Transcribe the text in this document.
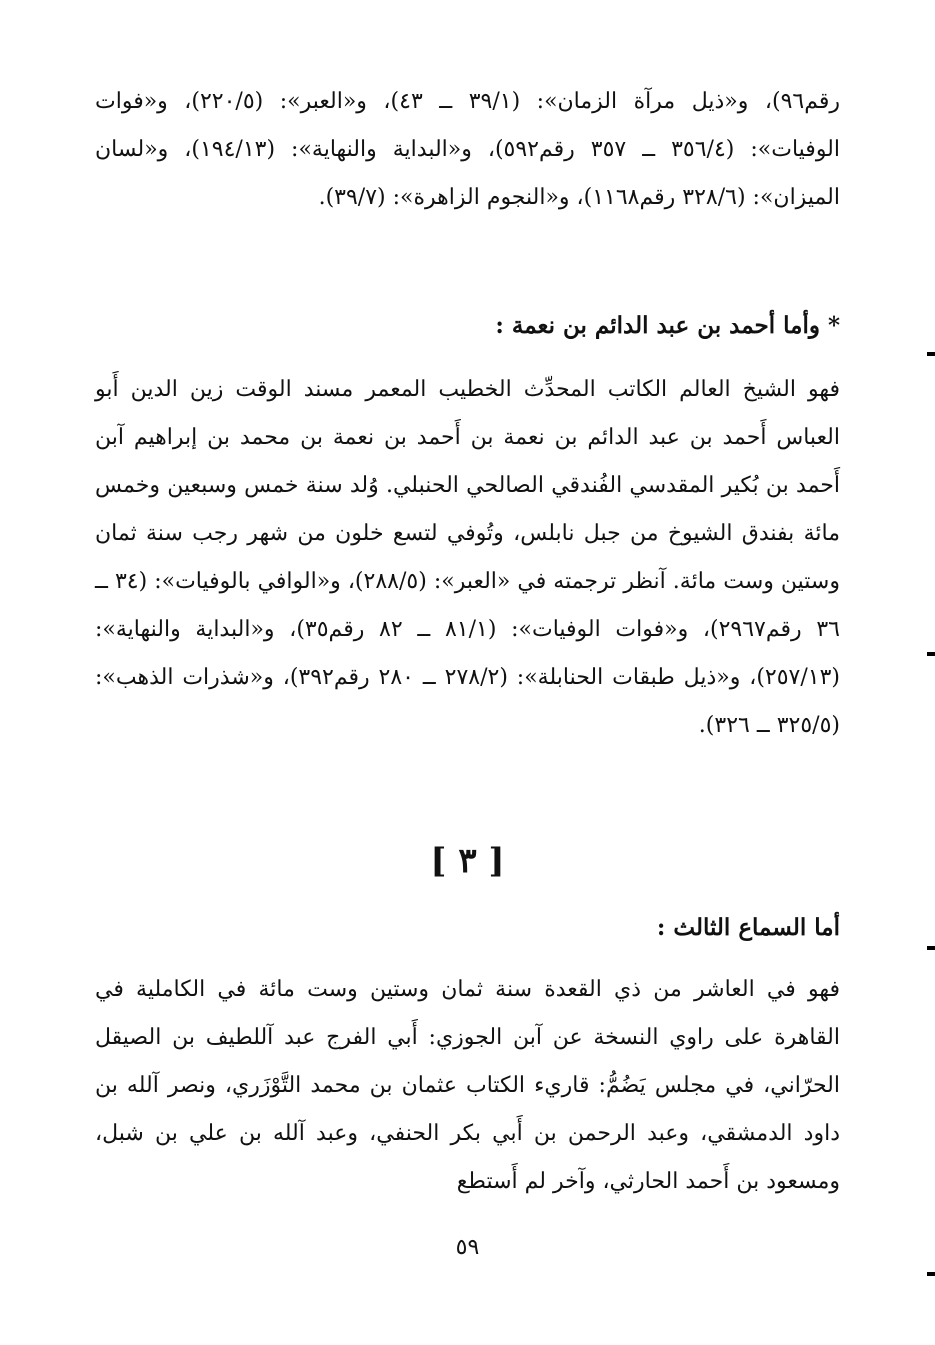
رقم٩٦)، و«ذيل مرآة الزمان»: (٣٩/١ ــ ٤٣)، و«العبر»: (٢٢٠/٥)، و«فوات الوفيات»: (٣٥٦/٤ ــ ٣٥٧ رقم٥٩٢)، و«البداية والنهاية»: (١٩٤/١٣)، و«لسان الميزان»: (٣٢٨/٦ رقم١١٦٨)، و«النجوم الزاهرة»: (٣٩/٧).
* وأما أحمد بن عبد الدائم بن نعمة :
فهو الشيخ العالم الكاتب المحدِّث الخطيب المعمر مسند الوقت زين الدين أَبو العباس أَحمد بن عبد الدائم بن نعمة بن أَحمد بن نعمة بن محمد بن إبراهيم آبن أَحمد بن بُكير المقدسي الفُندقي الصالحي الحنبلي. وُلد سنة خمس وسبعين وخمس مائة بفندق الشيوخ من جبل نابلس، وتُوفي لتسع خلون من شهر رجب سنة ثمان وستين وست مائة. آنظر ترجمته في «العبر»: (٢٨٨/٥)، و«الوافي بالوفيات»: (٣٤ ــ ٣٦ رقم٢٩٦٧)، و«فوات الوفيات»: (٨١/١ ــ ٨٢ رقم٣٥)، و«البداية والنهاية»: (٢٥٧/١٣)، و«ذيل طبقات الحنابلة»: (٢٧٨/٢ ــ ٢٨٠ رقم٣٩٢)، و«شذرات الذهب»: (٣٢٥/٥ ــ ٣٢٦).
[ ٣ ]
أما السماع الثالث :
فهو في العاشر من ذي القعدة سنة ثمان وستين وست مائة في الكاملية في القاهرة على راوي النسخة عن آبن الجوزي: أَبي الفرج عبد آللطيف بن الصيقل الحرّاني، في مجلس يَضُمُّ: قاريء الكتاب عثمان بن محمد التَّوْزَري، ونصر آلله بن داود الدمشقي، وعبد الرحمن بن أَبي بكر الحنفي، وعبد آلله بن علي بن شبل، ومسعود بن أَحمد الحارثي، وآخر لم أَستطع
٥٩
